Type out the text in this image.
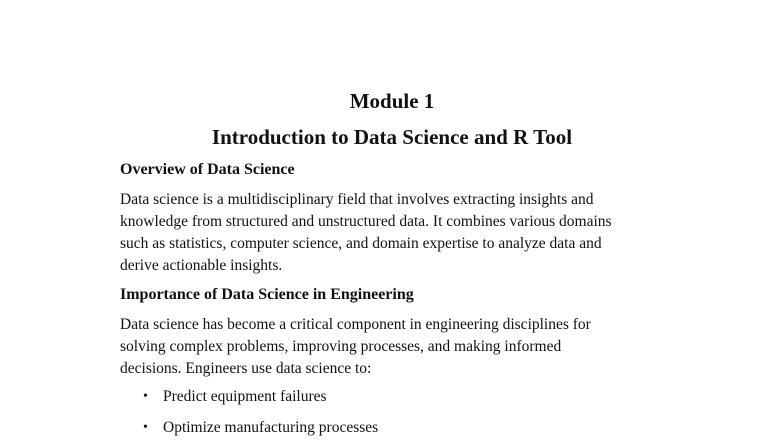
Module 1
Introduction to Data Science and R Tool
Overview of Data Science

Data science is a multidisciplinary field that involves extracting insights and
knowledge from structured and unstructured data. It combines various domains
such as statistics, computer science, and domain expertise to analyze data and
derive actionable insights.

Importance of Data Science in Engineering

Data science has become a critical component in engineering disciplines for
solving complex problems, improving processes, and making informed
decisions. Engineers use data science to:

• Predict equipment failures
• Optimize manufacturing processes
